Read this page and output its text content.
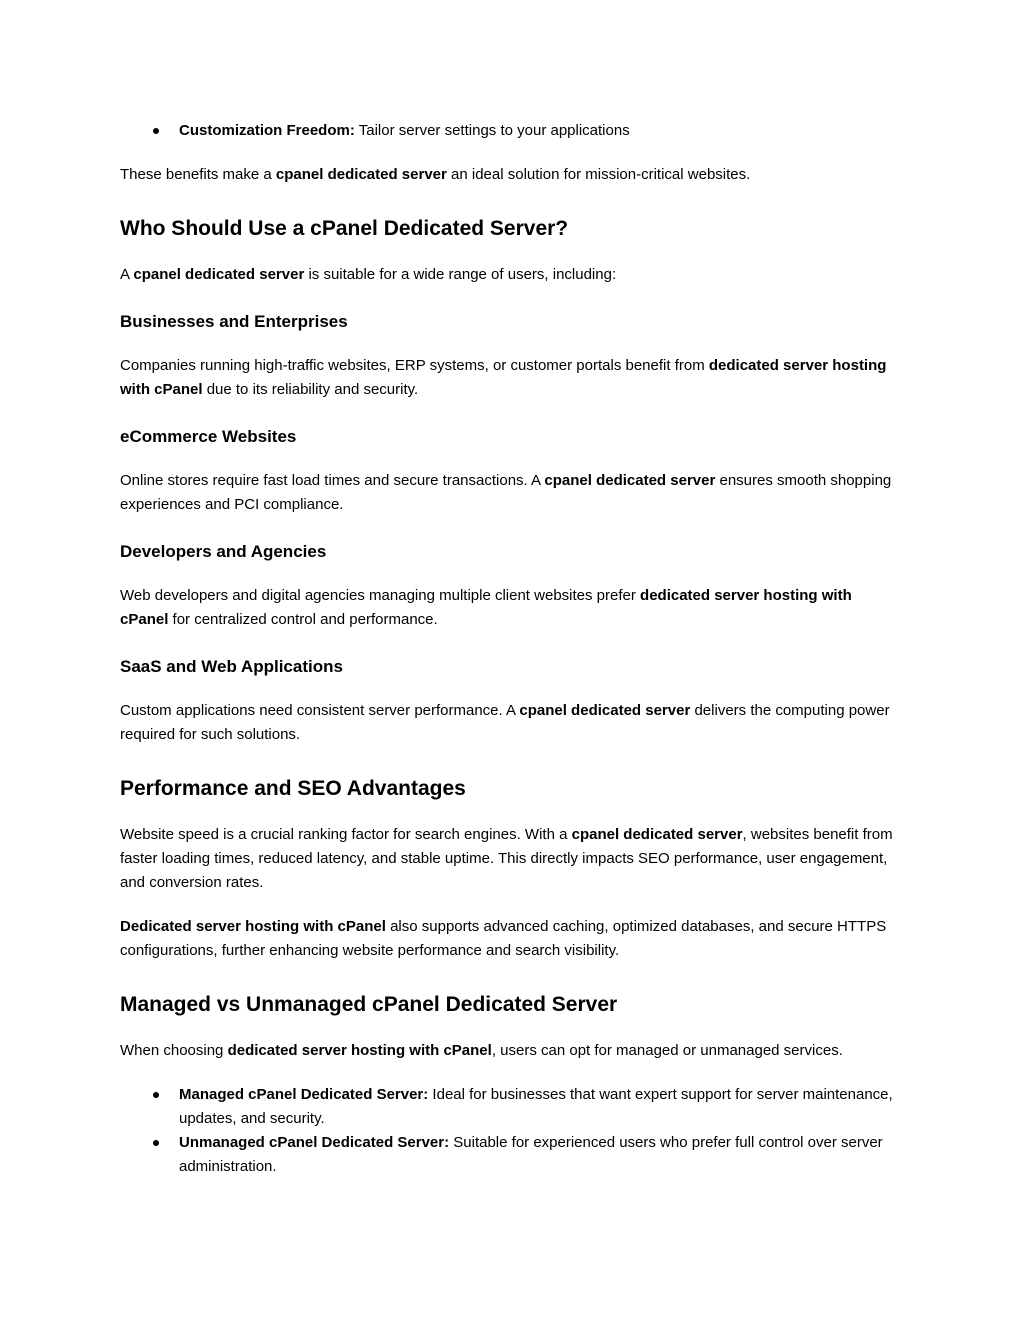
Customization Freedom: Tailor server settings to your applications

These benefits make a cpanel dedicated server an ideal solution for mission-critical websites.

Who Should Use a cPanel Dedicated Server?

A cpanel dedicated server is suitable for a wide range of users, including:

Businesses and Enterprises

Companies running high-traffic websites, ERP systems, or customer portals benefit from dedicated server hosting with cPanel due to its reliability and security.

eCommerce Websites

Online stores require fast load times and secure transactions. A cpanel dedicated server ensures smooth shopping experiences and PCI compliance.

Developers and Agencies

Web developers and digital agencies managing multiple client websites prefer dedicated server hosting with cPanel for centralized control and performance.

SaaS and Web Applications

Custom applications need consistent server performance. A cpanel dedicated server delivers the computing power required for such solutions.

Performance and SEO Advantages

Website speed is a crucial ranking factor for search engines. With a cpanel dedicated server, websites benefit from faster loading times, reduced latency, and stable uptime. This directly impacts SEO performance, user engagement, and conversion rates.

Dedicated server hosting with cPanel also supports advanced caching, optimized databases, and secure HTTPS configurations, further enhancing website performance and search visibility.

Managed vs Unmanaged cPanel Dedicated Server

When choosing dedicated server hosting with cPanel, users can opt for managed or unmanaged services.

Managed cPanel Dedicated Server: Ideal for businesses that want expert support for server maintenance, updates, and security.
Unmanaged cPanel Dedicated Server: Suitable for experienced users who prefer full control over server administration.
